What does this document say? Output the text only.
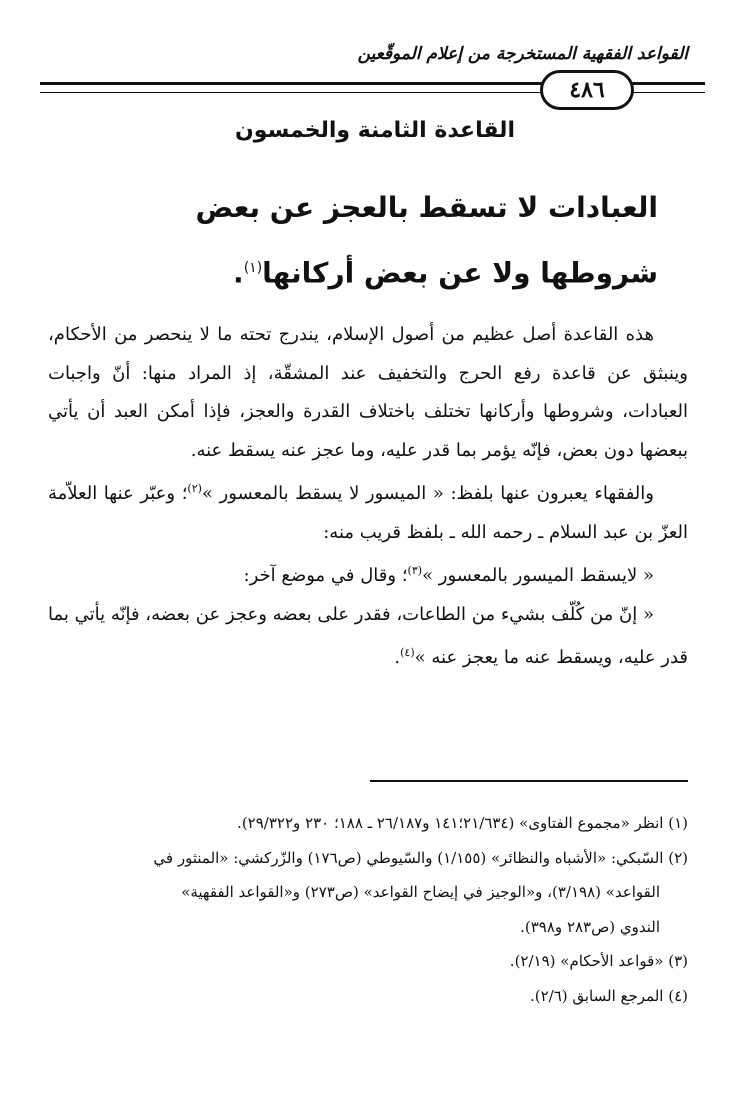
القواعد الفقهية المستخرجة من إعلام الموقّعين
٤٨٦
القاعدة الثامنة والخمسون
العبادات لا تسقط بالعجز عن بعض شروطها ولا عن بعض أركانها$^{(١)}$.

هذه القاعدة أصل عظيم من أصول الإسلام، يندرج تحته ما لا ينحصر من الأحكام، وينبثق عن قاعدة رفع الحرج والتخفيف عند المشقّة، إذ المراد منها: أنّ واجبات العبادات، وشروطها وأركانها تختلف باختلاف القدرة والعجز، فإذا أمكن العبد أن يأتي ببعضها دون بعض، فإنّه يؤمر بما قدر عليه، وما عجز عنه يسقط عنه.

والفقهاء يعبرون عنها بلفظ: « الميسور لا يسقط بالمعسور »$^{(٢)}$؛ وعبّر عنها العلاّمة العزّ بن عبد السلام ـ رحمه الله ـ بلفظ قريب منه:

« لايسقط الميسور بالمعسور »$^{(٣)}$؛ وقال في موضع آخر:

« إنّ من كُلّف بشيء من الطاعات، فقدر على بعضه وعجز عن بعضه، فإنّه يأتي بما قدر عليه، ويسقط عنه ما يعجز عنه »$^{(٤)}$.

(١) انظر «مجموع الفتاوى» (٢١/٦٣٤؛١٤١ و٢٦/١٨٧ ـ ١٨٨؛ ٢٣٠ و٢٩/٣٢٢).

(٢) السّبكي: «الأشباه والنظائر» (١/١٥٥) والسّيوطي (ص١٧٦) والزّركشي: «المنثور في

القواعد» (٣/١٩٨)، و«الوجيز في إيضاح القواعد» (ص٢٧٣) و«القواعد الفقهية»

الندوي (ص٢٨٣ و٣٩٨).

(٣) «قواعد الأحكام» (٢/١٩).

(٤) المرجع السابق (٢/٦).
